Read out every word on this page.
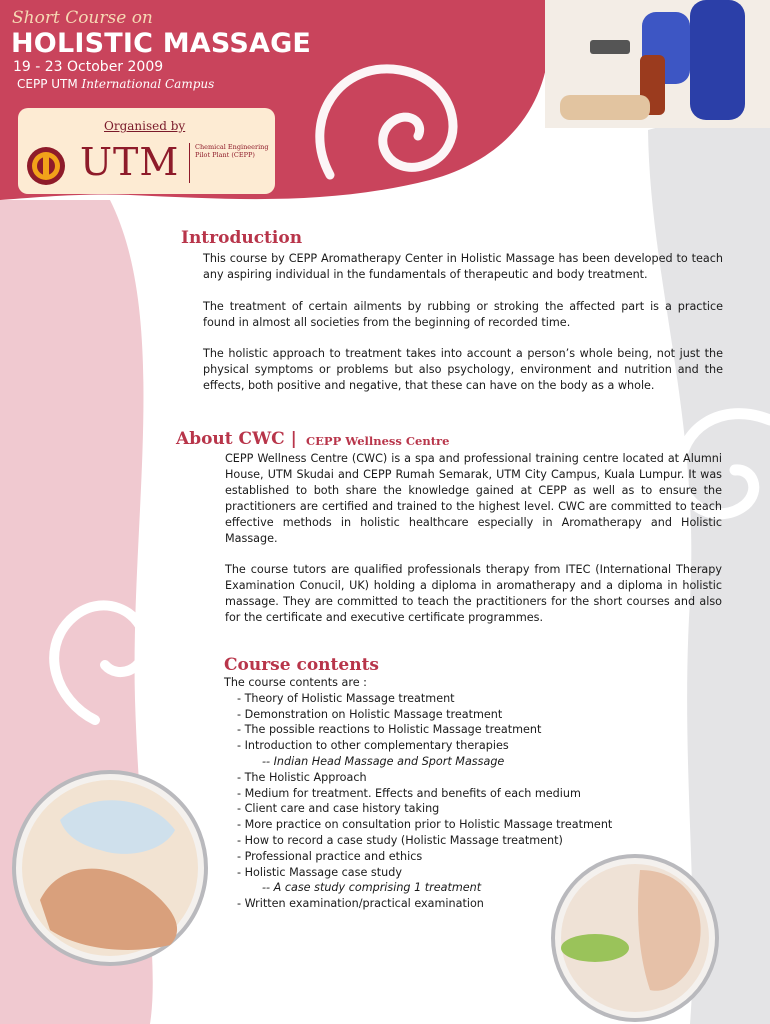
Short Course on
HOLISTIC MASSAGE
19 - 23 October 2009
CEPP UTM International Campus
Organised by
UTM Chemical Engineering
Pilot Plant (CEPP)
Introduction
This course by CEPP Aromatherapy Center in Holistic Massage has been developed to teach any aspiring individual in the fundamentals of therapeutic and body treatment.
The treatment of certain ailments by rubbing or stroking the affected part is a practice found in almost all societies from the beginning of recorded time.
The holistic approach to treatment takes into account a person’s whole being, not just the physical symptoms or problems but also psychology, environment and nutrition and the effects, both positive and negative, that these can have on the body as a whole.
About CWC | CEPP Wellness Centre
CEPP Wellness Centre (CWC) is a spa and professional training centre located at Alumni House, UTM Skudai and CEPP Rumah Semarak, UTM City Campus, Kuala Lumpur. It was established to both share the knowledge gained at CEPP as well as to ensure the practitioners are certified and trained to the highest level. CWC are committed to teach effective methods in holistic healthcare especially in Aromatherapy and Holistic Massage.
The course tutors are qualified professionals therapy from ITEC (International Therapy Examination Conucil, UK) holding a diploma in aromatherapy and a diploma in holistic massage. They are committed to teach the practitioners for the short courses and also for the certificate and executive certificate programmes.
Course contents

The course contents are :

- Theory of Holistic Massage treatment

- Demonstration on Holistic Massage treatment

- The possible reactions to Holistic Massage treatment

- Introduction to other complementary therapies

-- Indian Head Massage and Sport Massage

- The Holistic Approach

- Medium for treatment. Effects and benefits of each medium

- Client care and case history taking

- More practice on consultation prior to Holistic Massage treatment

- How to record a case study (Holistic Massage treatment)

- Professional practice and ethics

- Holistic Massage case study

-- A case study comprising 1 treatment

- Written examination/practical examination
